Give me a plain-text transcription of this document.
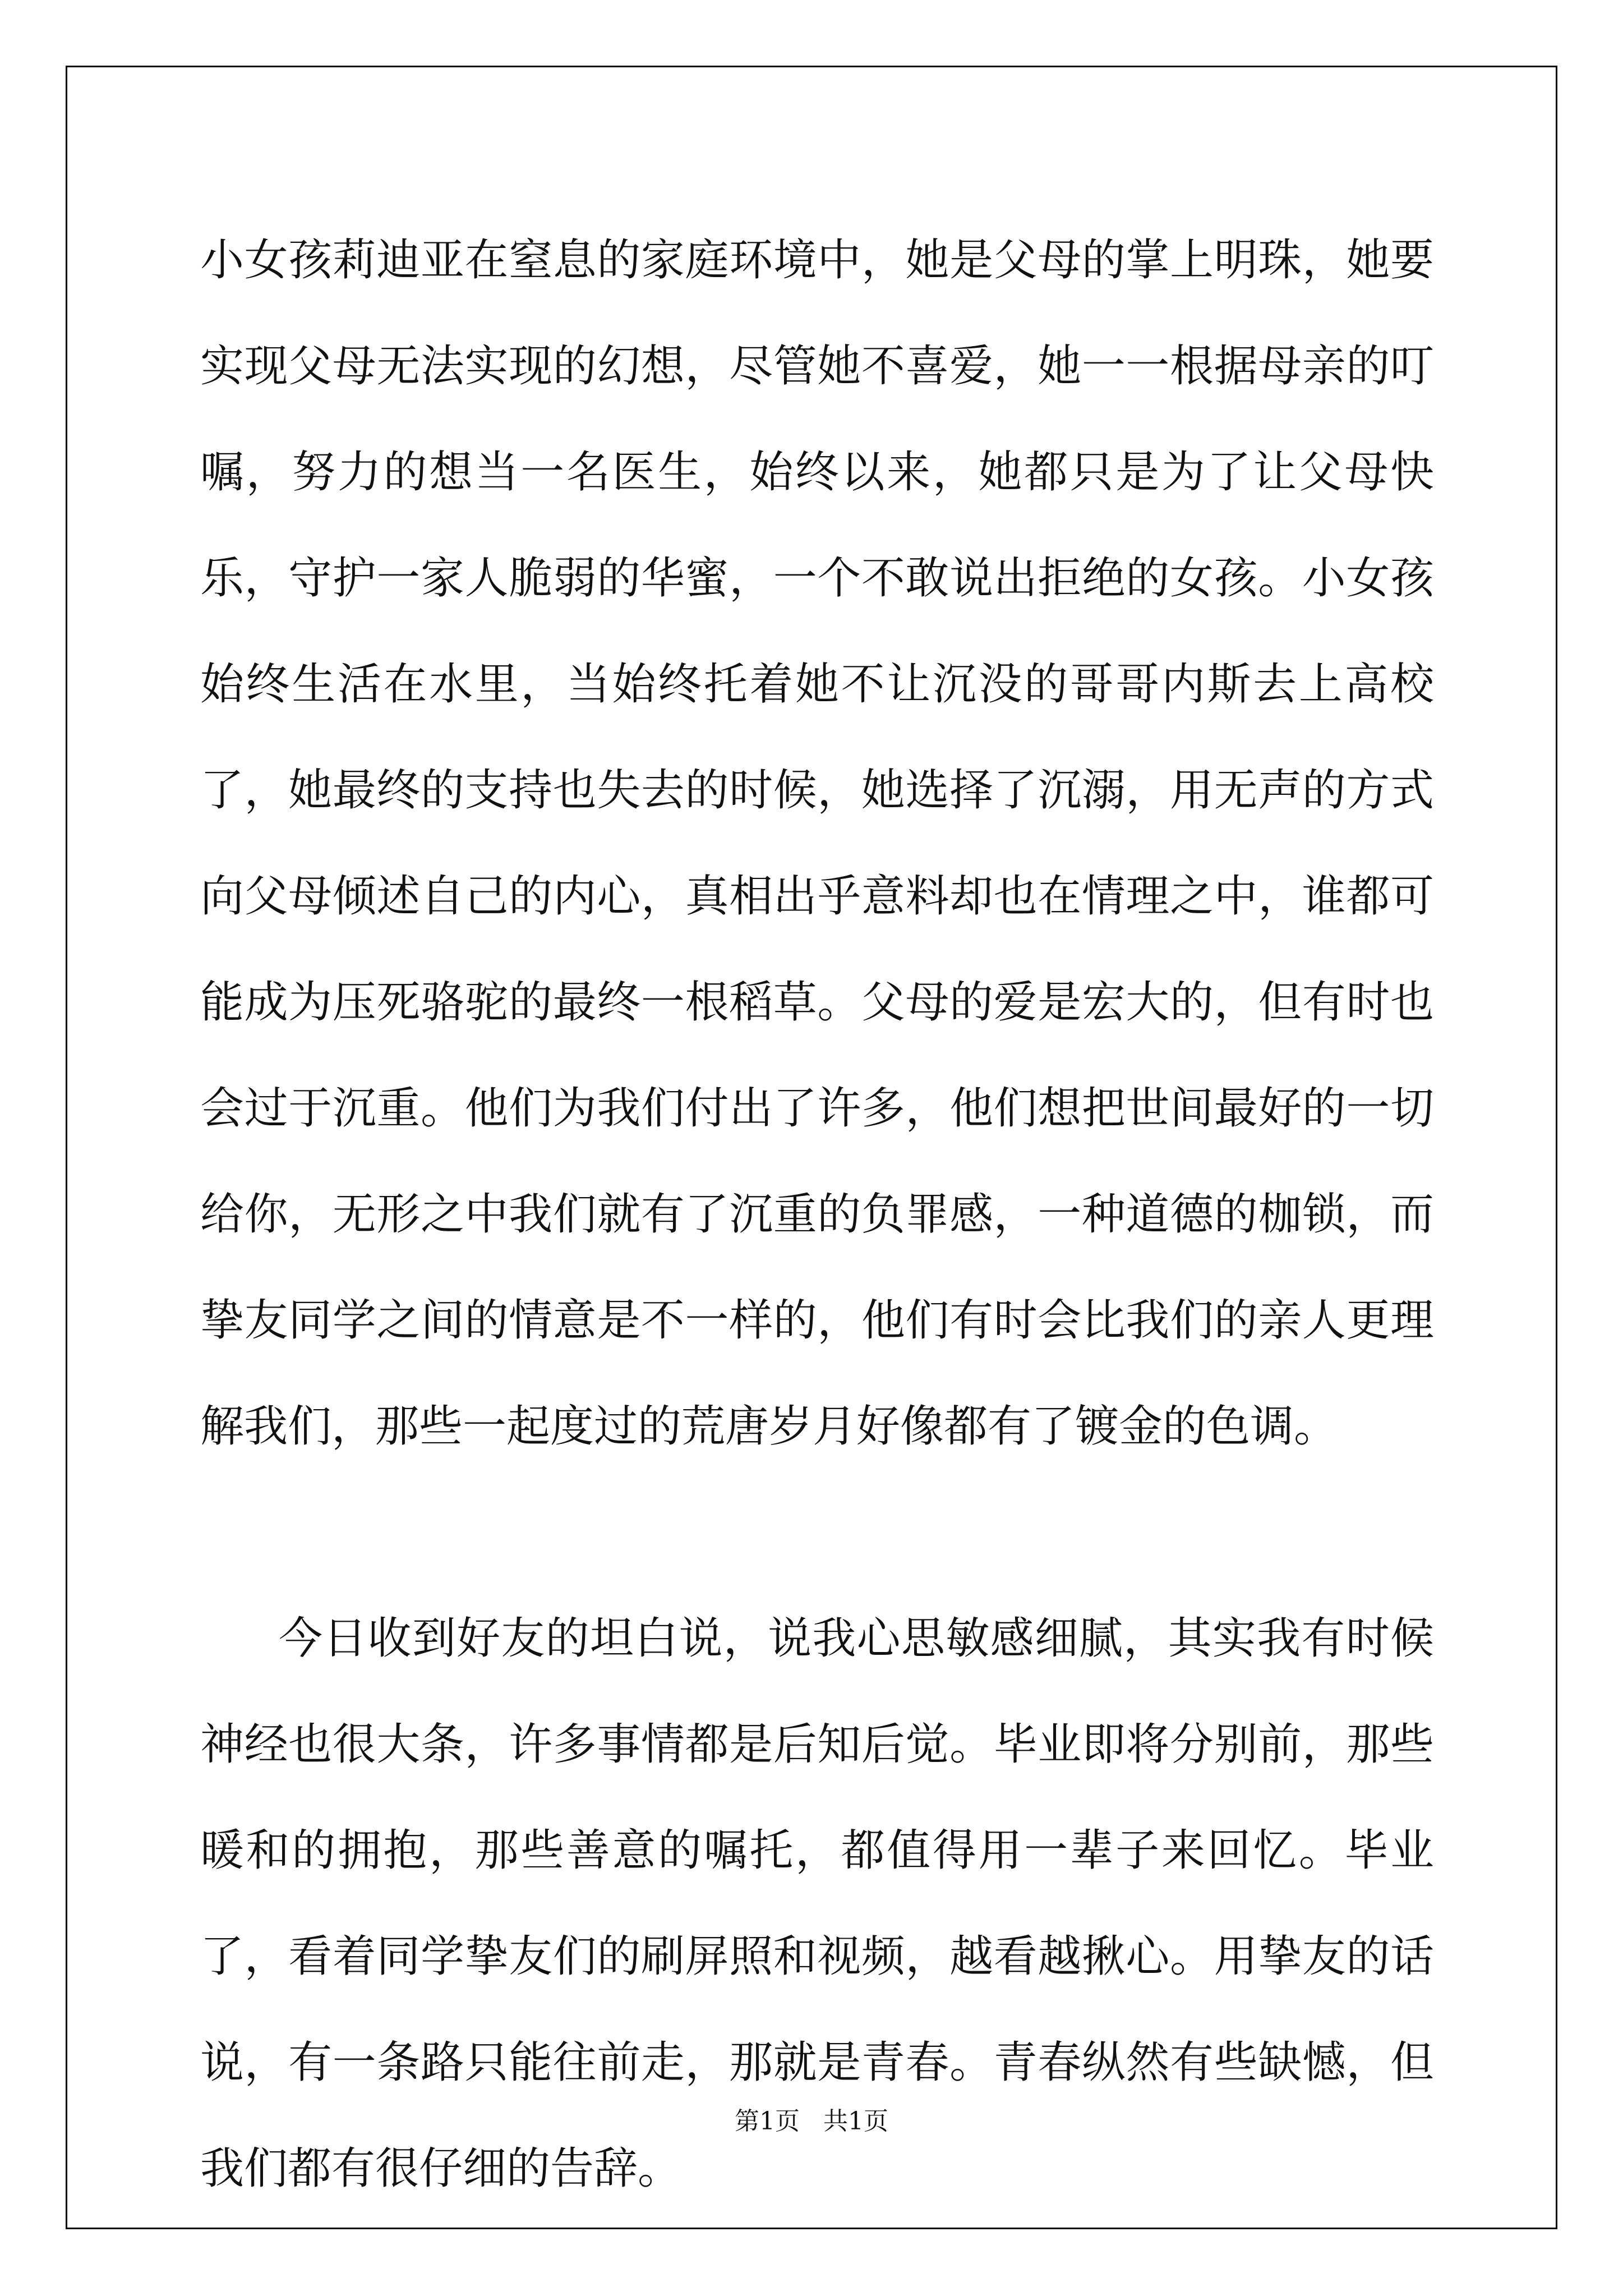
小女孩莉迪亚在窒息的家庭环境中，她是父母的掌上明珠，她要实现父母无法实现的幻想，尽管她不喜爱，她一一根据母亲的叮嘱，努力的想当一名医生，始终以来，她都只是为了让父母快乐，守护一家人脆弱的华蜜，一个不敢说出拒绝的女孩。小女孩始终生活在水里，当始终托着她不让沉没的哥哥内斯去上高校了，她最终的支持也失去的时候，她选择了沉溺，用无声的方式向父母倾述自己的内心，真相出乎意料却也在情理之中，谁都可能成为压死骆驼的最终一根稻草。父母的爱是宏大的，但有时也会过于沉重。他们为我们付出了许多，他们想把世间最好的一切给你，无形之中我们就有了沉重的负罪感，一种道德的枷锁，而挚友同学之间的情意是不一样的，他们有时会比我们的亲人更理解我们，那些一起度过的荒唐岁月好像都有了镀金的色调。

今日收到好友的坦白说，说我心思敏感细腻，其实我有时候神经也很大条，许多事情都是后知后觉。毕业即将分别前，那些暖和的拥抱，那些善意的嘱托，都值得用一辈子来回忆。毕业了，看着同学挚友们的刷屏照和视频，越看越揪心。用挚友的话说，有一条路只能往前走，那就是青春。青春纵然有些缺憾，但我们都有很仔细的告辞。

第1页   共1页
